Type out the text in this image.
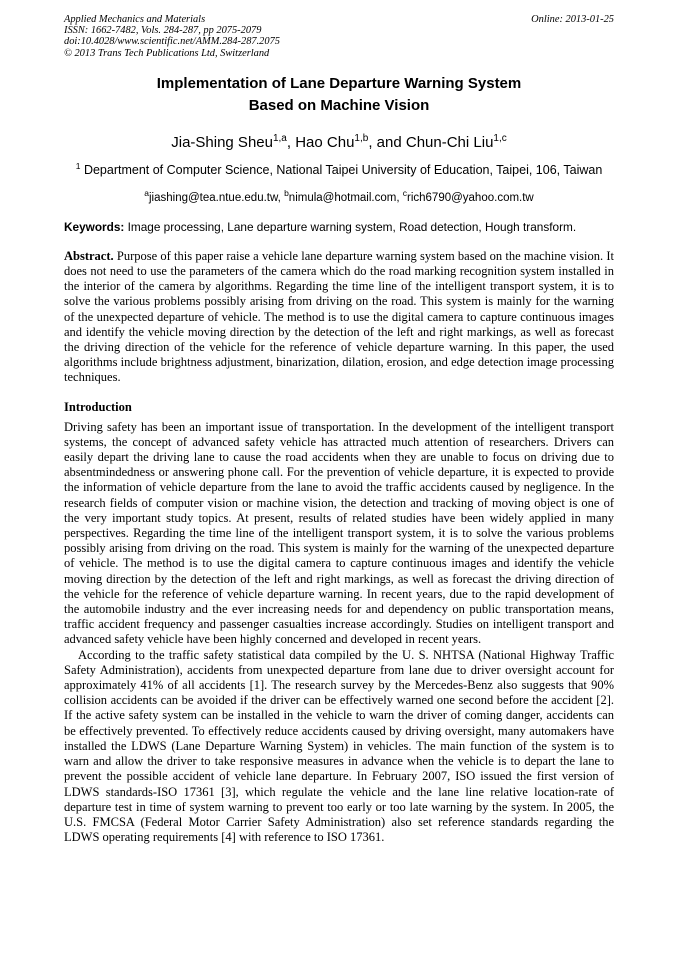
Applied Mechanics and Materials
ISSN: 1662-7482, Vols. 284-287, pp 2075-2079
doi:10.4028/www.scientific.net/AMM.284-287.2075
© 2013 Trans Tech Publications Ltd, Switzerland
Online: 2013-01-25
Implementation of Lane Departure Warning System
Based on Machine Vision
Jia-Shing Sheu$^{1,a}$, Hao Chu$^{1,b}$, and Chun-Chi Liu$^{1,c}$
$^1$ Department of Computer Science, National Taipei University of Education, Taipei, 106, Taiwan
$^a$jiashing@tea.ntue.edu.tw, $^b$nimula@hotmail.com, $^c$rich6790@yahoo.com.tw
Keywords: Image processing, Lane departure warning system, Road detection, Hough transform.
Abstract. Purpose of this paper raise a vehicle lane departure warning system based on the machine vision. It does not need to use the parameters of the camera which do the road marking recognition system installed in the interior of the camera by algorithms. Regarding the time line of the intelligent transport system, it is to solve the various problems possibly arising from driving on the road. This system is mainly for the warning of the unexpected departure of vehicle. The method is to use the digital camera to capture continuous images and identify the vehicle moving direction by the detection of the left and right markings, as well as forecast the driving direction of the vehicle for the reference of vehicle departure warning. In this paper, the used algorithms include brightness adjustment, binarization, dilation, erosion, and edge detection image processing techniques.
Introduction

Driving safety has been an important issue of transportation. In the development of the intelligent transport systems, the concept of advanced safety vehicle has attracted much attention of researchers. Drivers can easily depart the driving lane to cause the road accidents when they are unable to focus on driving due to absentmindedness or answering phone call. For the prevention of vehicle departure, it is expected to provide the information of vehicle departure from the lane to avoid the traffic accidents caused by negligence. In the research fields of computer vision or machine vision, the detection and tracking of moving object is one of the very important study topics. At present, results of related studies have been widely applied in many perspectives. Regarding the time line of the intelligent transport system, it is to solve the various problems possibly arising from driving on the road. This system is mainly for the warning of the unexpected departure of vehicle. The method is to use the digital camera to capture continuous images and identify the vehicle moving direction by the detection of the left and right markings, as well as forecast the driving direction of the vehicle for the reference of vehicle departure warning. In recent years, due to the rapid development of the automobile industry and the ever increasing needs for and dependency on public transportation means, traffic accident frequency and passenger casualties increase accordingly. Studies on intelligent transport and advanced safety vehicle have been highly concerned and developed in recent years.

According to the traffic safety statistical data compiled by the U. S. NHTSA (National Highway Traffic Safety Administration), accidents from unexpected departure from lane due to driver oversight account for approximately 41% of all accidents [1]. The research survey by the Mercedes-Benz also suggests that 90% collision accidents can be avoided if the driver can be effectively warned one second before the accident [2]. If the active safety system can be installed in the vehicle to warn the driver of coming danger, accidents can be effectively prevented. To effectively reduce accidents caused by driving oversight, many automakers have installed the LDWS (Lane Departure Warning System) in vehicles. The main function of the system is to warn and allow the driver to take responsive measures in advance when the vehicle is to depart the lane to prevent the possible accident of vehicle lane departure. In February 2007, ISO issued the first version of LDWS standards-ISO 17361 [3], which regulate the vehicle and the lane line relative location-rate of departure test in time of system warning to prevent too early or too late warning by the system. In 2005, the U.S. FMCSA (Federal Motor Carrier Safety Administration) also set reference standards regarding the LDWS operating requirements [4] with reference to ISO 17361.
